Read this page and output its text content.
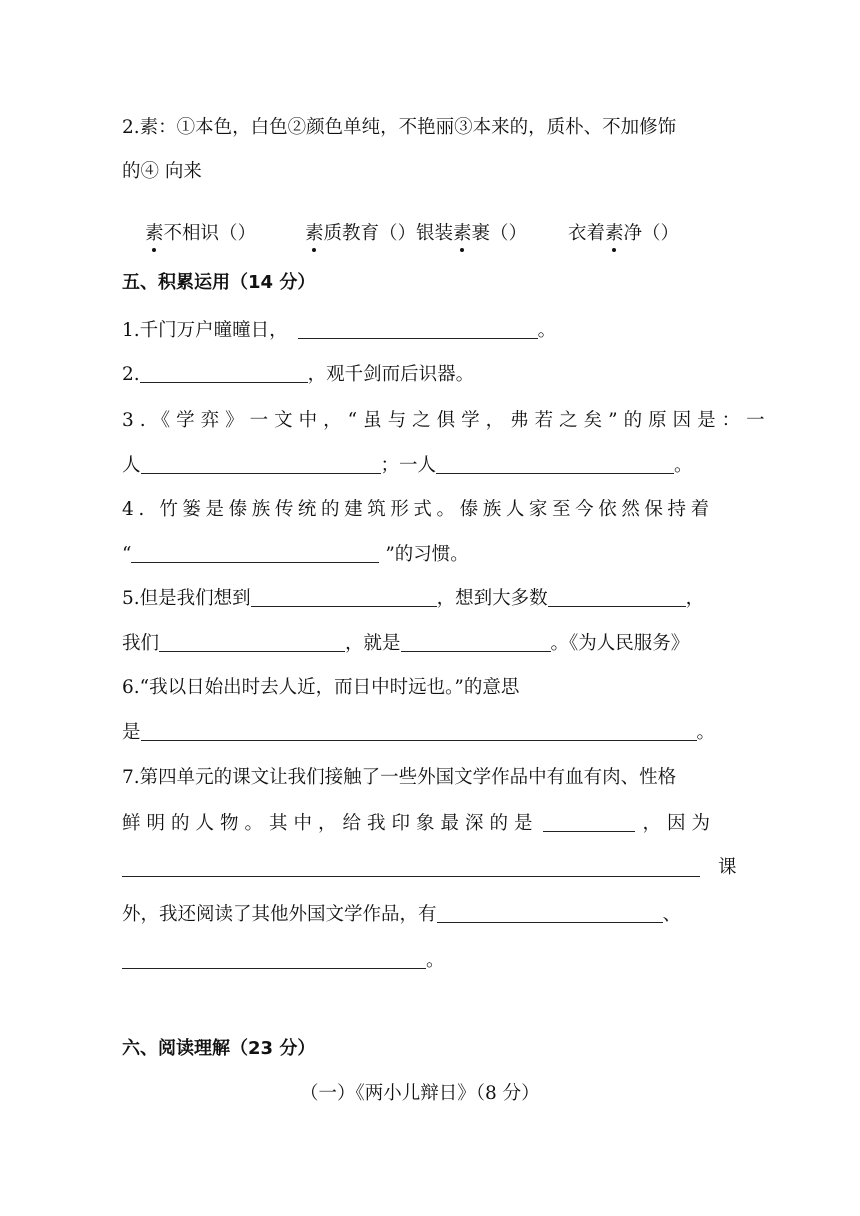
2.素：①本色，白色②颜色单纯，不艳丽③本来的，质朴、不加修饰
的④ 向来
素不相识（）	素质教育（） 银装素裹（） 衣着素净（）
五、积累运用（14 分）
1.千门万户曈曈日，	。
2.	，观千剑而后识器。
3.《学弈》一文中，“虽与之俱学，弗若之矣”的原因是：一
人	；一人	。
4. 竹篓是傣族传统的建筑形式。傣族人家至今依然保持着
“	”的习惯。
5.但是我们想到	，想到大多数	，
我们	，就是	。《为人民服务》
6.“我以日始出时去人近，而日中时远也。”的意思
是	。
7.第四单元的课文让我们接触了一些外国文学作品中有血有肉、性格
鲜明的人物。其中，给我印象最深的是	，因为
课
外，我还阅读了其他外国文学作品，有	、
。
六、阅读理解（23 分）
（一）《两小儿辩日》（8 分）
